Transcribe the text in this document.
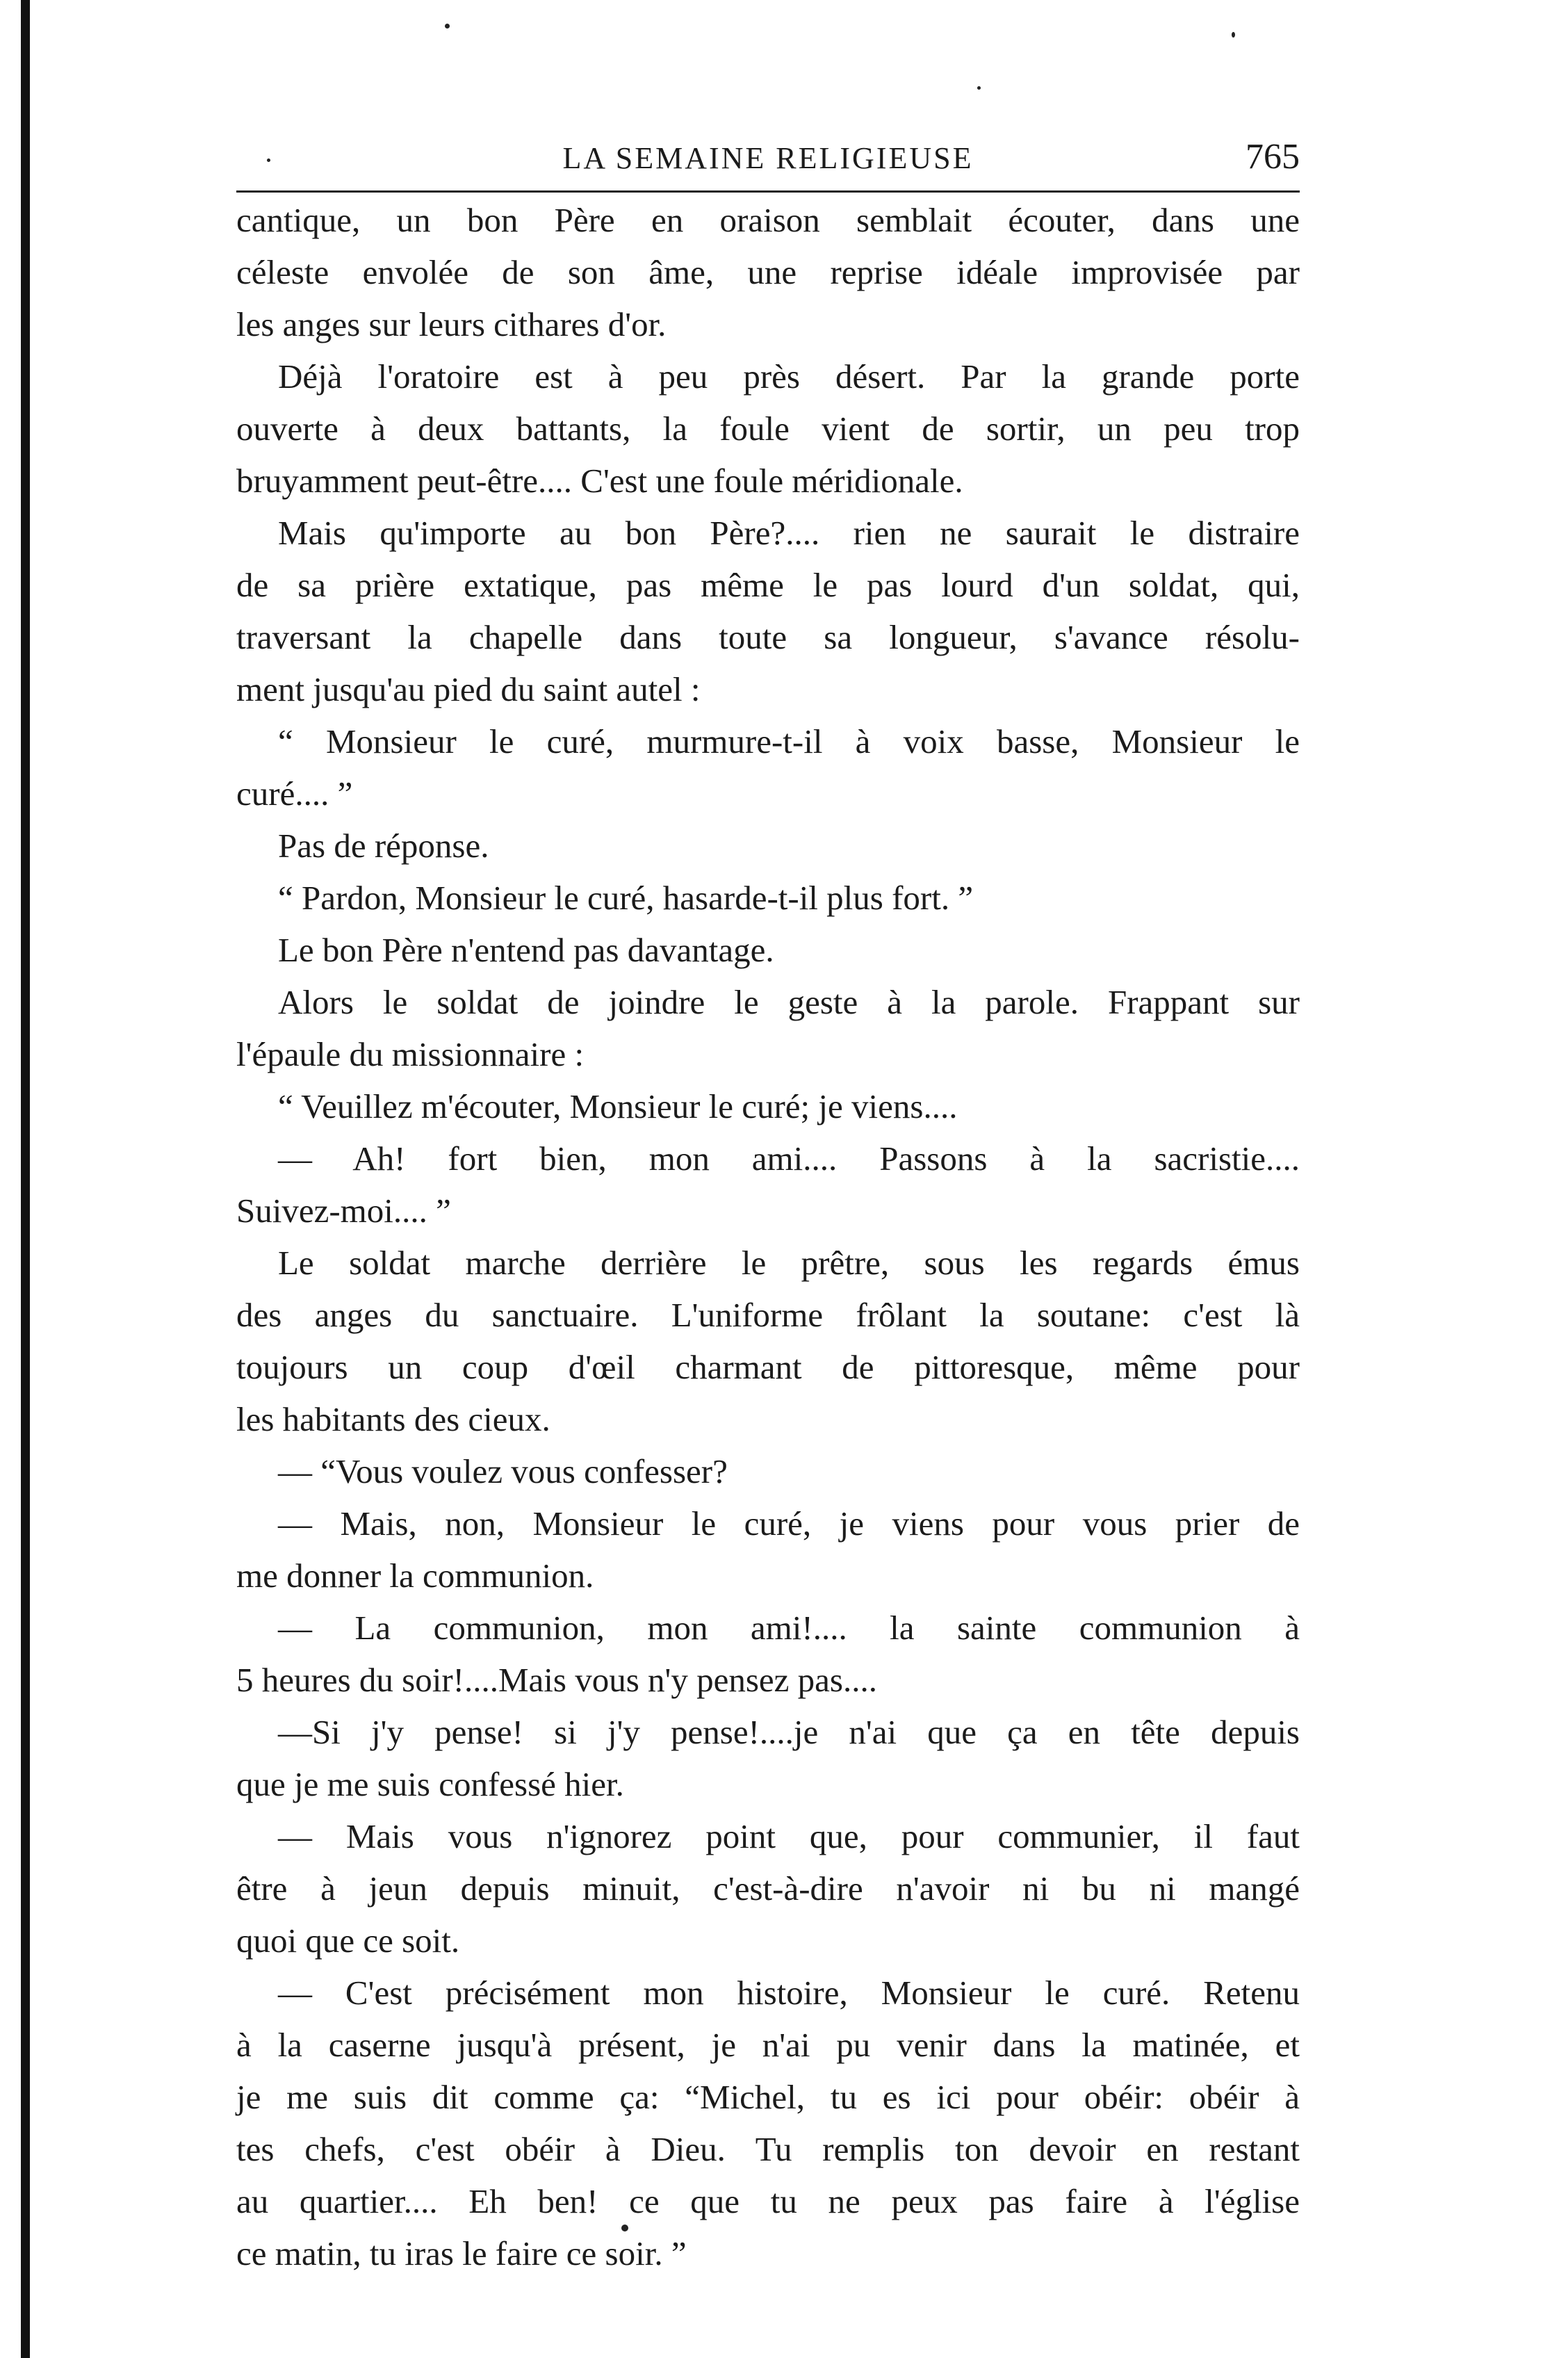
LA SEMAINE RELIGIEUSE	765
cantique, un bon Père en oraison semblait écouter, dans une
céleste envolée de son âme, une reprise idéale improvisée par
les anges sur leurs cithares d'or.
Déjà l'oratoire est à peu près désert. Par la grande porte
ouverte à deux battants, la foule vient de sortir, un peu trop
bruyamment peut-être.... C'est une foule méridionale.
Mais qu'importe au bon Père?.... rien ne saurait le distraire
de sa prière extatique, pas même le pas lourd d'un soldat, qui,
traversant la chapelle dans toute sa longueur, s'avance résolu-
ment jusqu'au pied du saint autel :
“ Monsieur le curé, murmure-t-il à voix basse, Monsieur le
curé.... ”
Pas de réponse.
“ Pardon, Monsieur le curé, hasarde-t-il plus fort. ”
Le bon Père n'entend pas davantage.
Alors le soldat de joindre le geste à la parole. Frappant sur
l'épaule du missionnaire :
“ Veuillez m'écouter, Monsieur le curé; je viens....
— Ah! fort bien, mon ami.... Passons à la sacristie....
Suivez-moi.... ”
Le soldat marche derrière le prêtre, sous les regards émus
des anges du sanctuaire. L'uniforme frôlant la soutane: c'est là
toujours un coup d'œil charmant de pittoresque, même pour
les habitants des cieux.
— “Vous voulez vous confesser?
— Mais, non, Monsieur le curé, je viens pour vous prier de
me donner la communion.
— La communion, mon ami!.... la sainte communion à
5 heures du soir!....Mais vous n'y pensez pas....
—Si j'y pense! si j'y pense!....je n'ai que ça en tête depuis
que je me suis confessé hier.
— Mais vous n'ignorez point que, pour communier, il faut
être à jeun depuis minuit, c'est-à-dire n'avoir ni bu ni mangé
quoi que ce soit.
— C'est précisément mon histoire, Monsieur le curé. Retenu
à la caserne jusqu'à présent, je n'ai pu venir dans la matinée, et
je me suis dit comme ça: “Michel, tu es ici pour obéir: obéir à
tes chefs, c'est obéir à Dieu. Tu remplis ton devoir en restant
au quartier.... Eh ben! ce que tu ne peux pas faire à l'église
ce matin, tu iras le faire ce soir. ”
